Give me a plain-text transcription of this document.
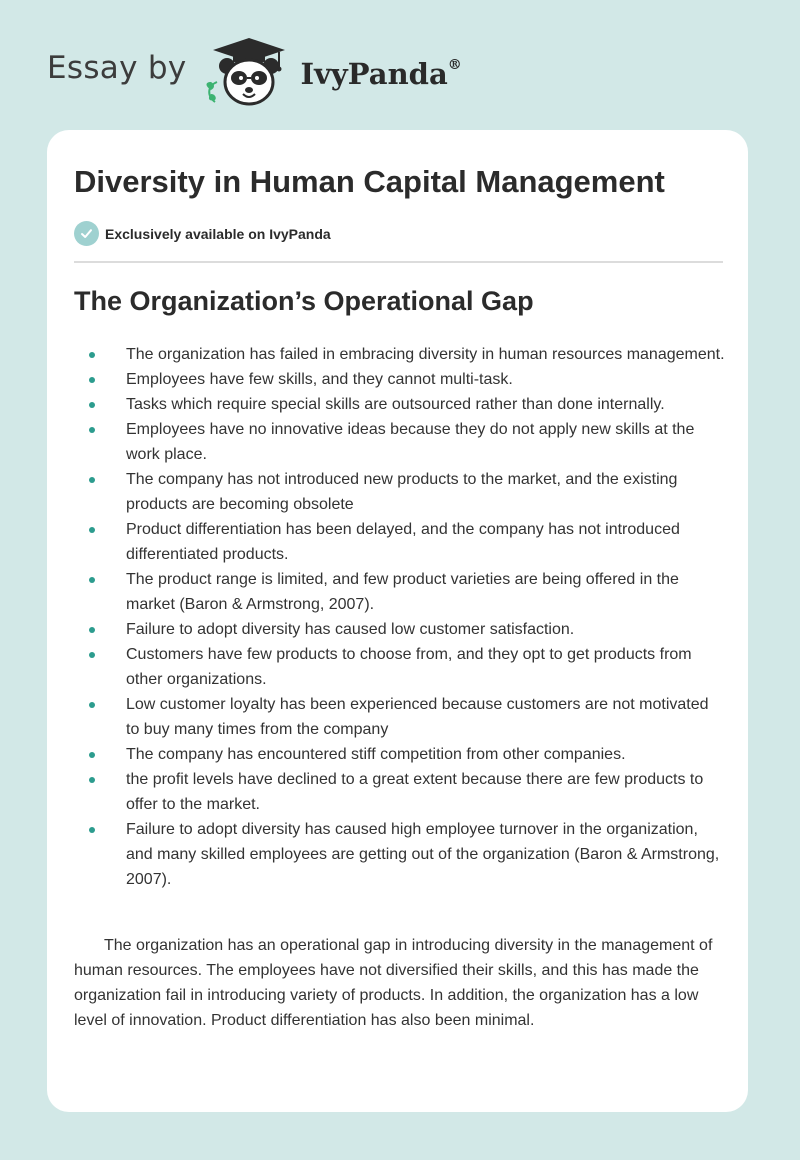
Essay by	IvyPanda®
Diversity in Human Capital Management
Exclusively available on IvyPanda
The Organization’s Operational Gap
The organization has failed in embracing diversity in human resources management.
Employees have few skills, and they cannot multi-task.
Tasks which require special skills are outsourced rather than done internally.
Employees have no innovative ideas because they do not apply new skills at the work place.
The company has not introduced new products to the market, and the existing products are becoming obsolete
Product differentiation has been delayed, and the company has not introduced differentiated products.
The product range is limited, and few product varieties are being offered in the market (Baron & Armstrong, 2007).
Failure to adopt diversity has caused low customer satisfaction.
Customers have few products to choose from, and they opt to get products from other organizations.
Low customer loyalty has been experienced because customers are not motivated to buy many times from the company
The company has encountered stiff competition from other companies.
the profit levels have declined to a great extent because there are few products to offer to the market.
Failure to adopt diversity has caused high employee turnover in the organization, and many skilled employees are getting out of the organization (Baron & Armstrong, 2007).

The organization has an operational gap in introducing diversity in the management of human resources. The employees have not diversified their skills, and this has made the organization fail in introducing variety of products. In addition, the organization has a low level of innovation. Product differentiation has also been minimal.
